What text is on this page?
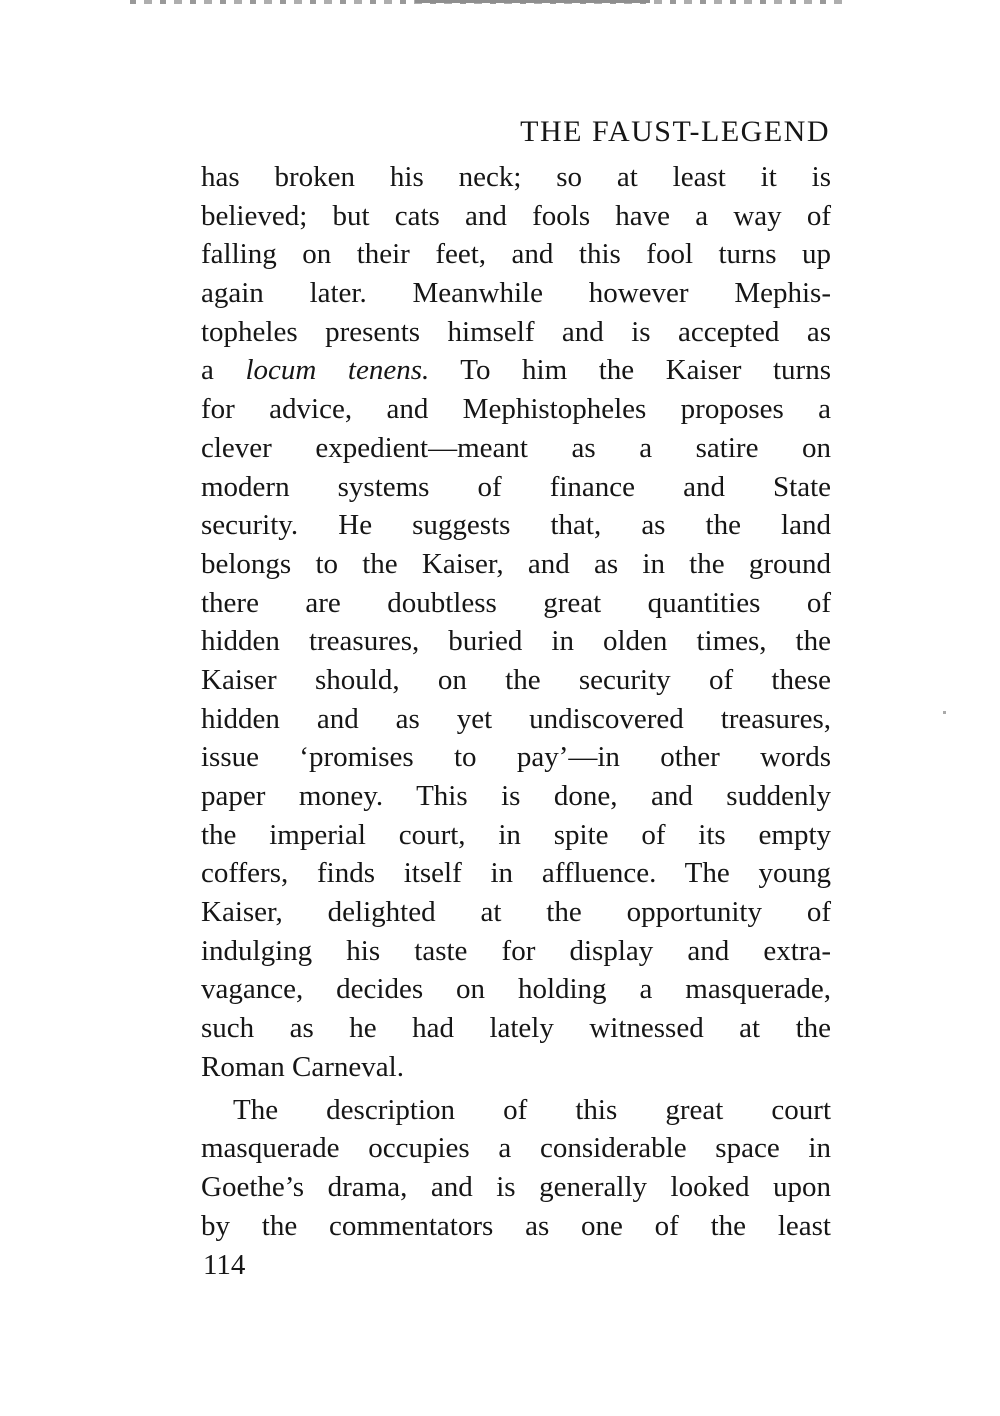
THE FAUST-LEGEND
has broken his neck; so at least it is
believed; but cats and fools have a way of
falling on their feet, and this fool turns up
again later. Meanwhile however Mephis-
topheles presents himself and is accepted as
a locum tenens. To him the Kaiser turns
for advice, and Mephistopheles proposes a
clever expedient—meant as a satire on
modern systems of finance and State
security. He suggests that, as the land
belongs to the Kaiser, and as in the ground
there are doubtless great quantities of
hidden treasures, buried in olden times, the
Kaiser should, on the security of these
hidden and as yet undiscovered treasures,
issue ‘promises to pay’—in other words
paper money. This is done, and suddenly
the imperial court, in spite of its empty
coffers, finds itself in affluence. The young
Kaiser, delighted at the opportunity of
indulging his taste for display and extra-
vagance, decides on holding a masquerade,
such as he had lately witnessed at the
Roman Carneval.
The description of this great court
masquerade occupies a considerable space in
Goethe’s drama, and is generally looked upon
by the commentators as one of the least
114
